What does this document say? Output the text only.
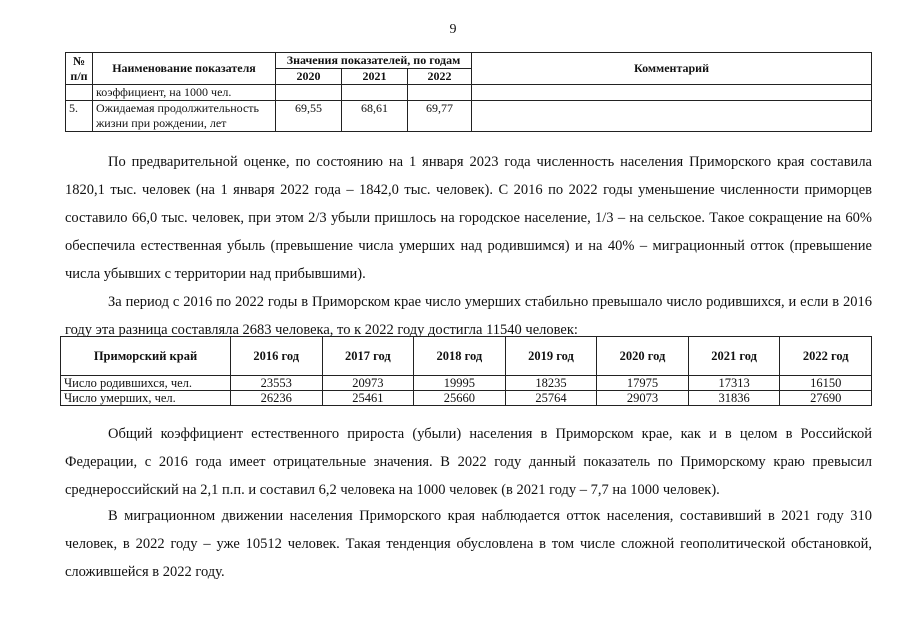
9
№ п/п	Наименование показателя	Значения показателей, по годам			Комментарий
		2020	2021	2022	
	коэффициент, на 1000 чел.				
5.	Ожидаемая продолжительность жизни при рождении, лет	69,55	68,61	69,77	

По предварительной оценке, по состоянию на 1 января 2023 года численность населения Приморского края составила 1820,1 тыс. человек (на 1 января 2022 года – 1842,0 тыс. человек). С 2016 по 2022 годы уменьшение численности приморцев составило 66,0 тыс. человек, при этом 2/3 убыли пришлось на городское население, 1/3 – на сельское. Такое сокращение на 60% обеспечила естественная убыль (превышение числа умерших над родившимся) и на 40% – миграционный отток (превышение числа убывших с территории над прибывшими).

За период с 2016 по 2022 годы в Приморском крае число умерших стабильно превышало число родившихся, и если в 2016 году эта разница составляла 2683 человека, то к 2022 году достигла 11540 человек:

Приморский край	2016 год	2017 год	2018 год	2019 год	2020 год	2021 год	2022 год
Число родившихся, чел.	23553	20973	19995	18235	17975	17313	16150
Число умерших, чел.	26236	25461	25660	25764	29073	31836	27690

Общий коэффициент естественного прироста (убыли) населения в Приморском крае, как и в целом в Российской Федерации, с 2016 года имеет отрицательные значения. В 2022 году данный показатель по Приморскому краю превысил среднероссийский на 2,1 п.п. и составил 6,2 человека на 1000 человек (в 2021 году – 7,7 на 1000 человек).

В миграционном движении населения Приморского края наблюдается отток населения, составивший в 2021 году 310 человек, в 2022 году – уже 10512 человек. Такая тенденция обусловлена в том числе сложной геополитической обстановкой, сложившейся в 2022 году.
